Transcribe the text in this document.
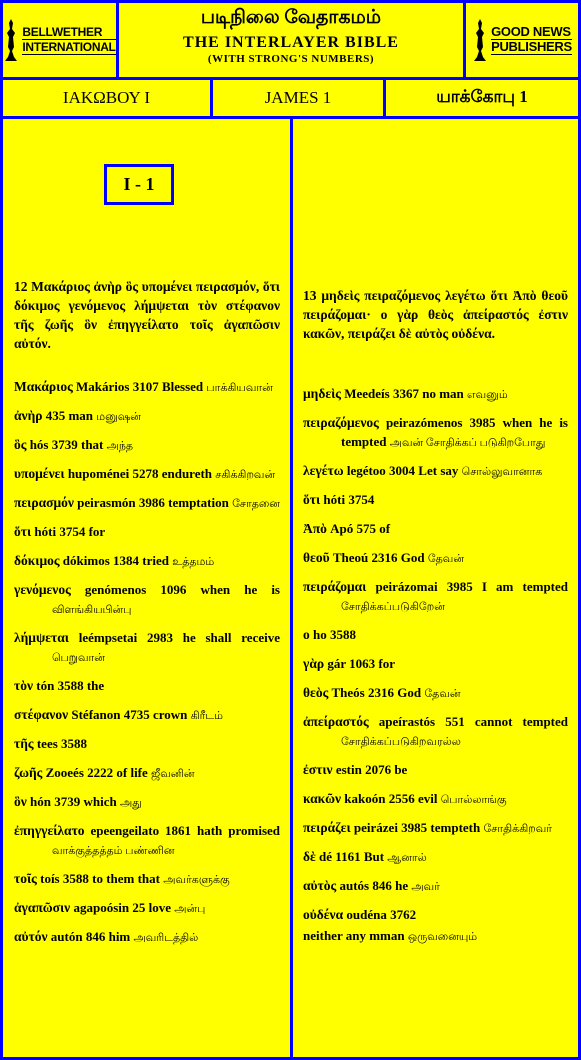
BELLWETHER
INTERNATIONAL
படிநிலை வேதாகமம்
THE INTERLAYER BIBLE
(WITH STRONG'S NUMBERS)
GOOD NEWS
PUBLISHERS
ΙΑΚΩΒΟΥ Ι	JAMES 1	யாக்கோபு 1
I - 1
12 Μακάριος ἀνὴρ ὃς υπομένει πειρασμόν, ὅτι δόκιμος γενόμενος λήμψεται τὸν στέφανον τῆς ζωῆς ὃν ἐπηγγείλατο τοῖς ἀγαπῶσιν αὐτόν.
Μακάριος Makários 3107 Blessed பாக்கியவான்
ἀνὴρ 435 man மனுஷன்
ὃς hós 3739 that அந்த
υπομένει hupoménei 5278 endureth சகிக்கிறவன்
πειρασμόν peirasmón 3986 temptation சோதனை
ὅτι hóti 3754 for
δόκιμος dókimos 1384 tried உத்தமம்
γενόμενος genómenos 1096 when he is விளங்கியபின்பு
λήμψεται leémpsetai 2983 he shall receive பெறுவான்
τὸν tón 3588 the
στέφανον Stéfanon 4735 crown கிரீடம்
τῆς tees 3588
ζωῆς Zooeés 2222 of life ஜீவனின்
ὃν hón 3739 which அது
ἐπηγγείλατο epeengeilato 1861 hath promised வாக்குத்தத்தம் பண்ணின
τοῖς toís 3588 to them that அவர்களுக்கு
ἀγαπῶσιν agapoósin 25 love அன்பு
αὐτόν autón 846 him அவரிடத்தில்
13 μηδεὶς πειραζόμενος λεγέτω ὅτι Ἀπὸ θεοῦ πειράζομαι· ο γὰρ θεὸς ἀπείραστός ἐστιν κακῶν, πειράζει δὲ αὐτὸς οὐδένα.
μηδεὶς Meedeís 3367 no man எவனும்
πειραζόμενος peirazómenos 3985 when he is tempted அவன் சோதிக்கப் படுகிறபோது
λεγέτω legétoo 3004 Let say சொல்லுவானாக
ὅτι hóti 3754
Ἀπὸ Apó 575 of
θεοῦ Theoú 2316 God தேவன்
πειράζομαι peirázomai 3985 I am tempted சோதிக்கப்படுகிறேன்
ο ho 3588
γὰρ gár 1063 for
θεὸς Theós 2316 God தேவன்
ἀπείραστός apeírastós 551 cannot tempted சோதிக்கப்படுகிறவரல்ல
ἐστιν estin 2076 be
κακῶν kakoón 2556 evil பொல்லாங்கு
πειράζει peirázei 3985 tempteth சோதிக்கிறவர்
δὲ dé 1161 But ஆனால்
αὐτὸς autós 846 he அவர்
οὐδένα oudéna 3762
neither any mman ஒருவனையும்
